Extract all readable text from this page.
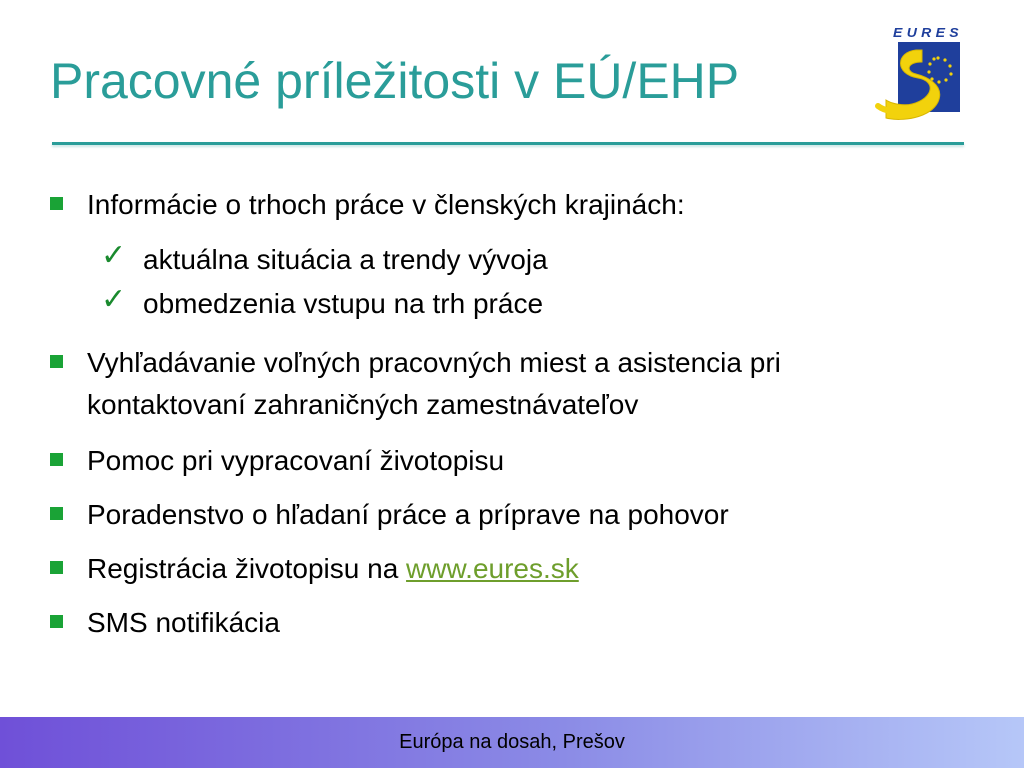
Pracovné príležitosti v EÚ/EHP
EURES
Informácie o trhoch práce v členských krajinách:
✓ aktuálna situácia a trendy vývoja
✓ obmedzenia vstupu na trh práce
Vyhľadávanie voľných pracovných miest a asistencia pri
kontaktovaní zahraničných zamestnávateľov
Pomoc pri vypracovaní životopisu
Poradenstvo o hľadaní práce a príprave na pohovor
Registrácia životopisu na www.eures.sk
SMS notifikácia
Európa na dosah, Prešov
